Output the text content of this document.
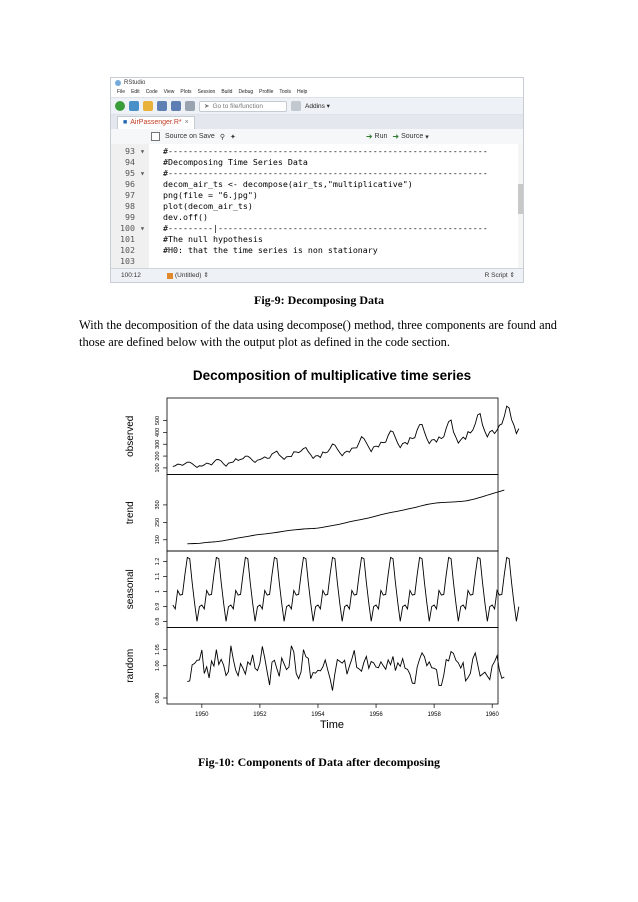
RStudio
File Edit Code View Plots Session Build Debug Profile Tools Help
➤ Go to file/function	Addins ▾
■ AirPassenger.R* ×
Source on Save ⚲ ✦	➜ Run ➜ Source ▾
93 ▾ #----------------------------------------------------------------
94 #Decomposing Time Series Data
95 ▾ #----------------------------------------------------------------
96 decom_air_ts <- decompose(air_ts,"multiplicative")
97 png(file = "6.jpg")
98 plot(decom_air_ts)
99 dev.off()
100 ▾ #---------|------------------------------------------------------
101 #The null hypothesis
102 #H0: that the time series is non stationary
103
100:12	(Untitled) ⇕	R Script ⇕
Fig-9: Decomposing Data
With the decomposition of the data using decompose() method, three components are found and those are defined below with the output plot as defined in the code section.
Decomposition of multiplicative time series
Time
observed
100
200
300
400
500
trend
150
250
350
seasonal
0.8
0.9
1
1.1
1.2
random
0.90
1.00
1.05
1950	1952	1954	1956	1958	1960
Fig-10: Components of Data after decomposing
